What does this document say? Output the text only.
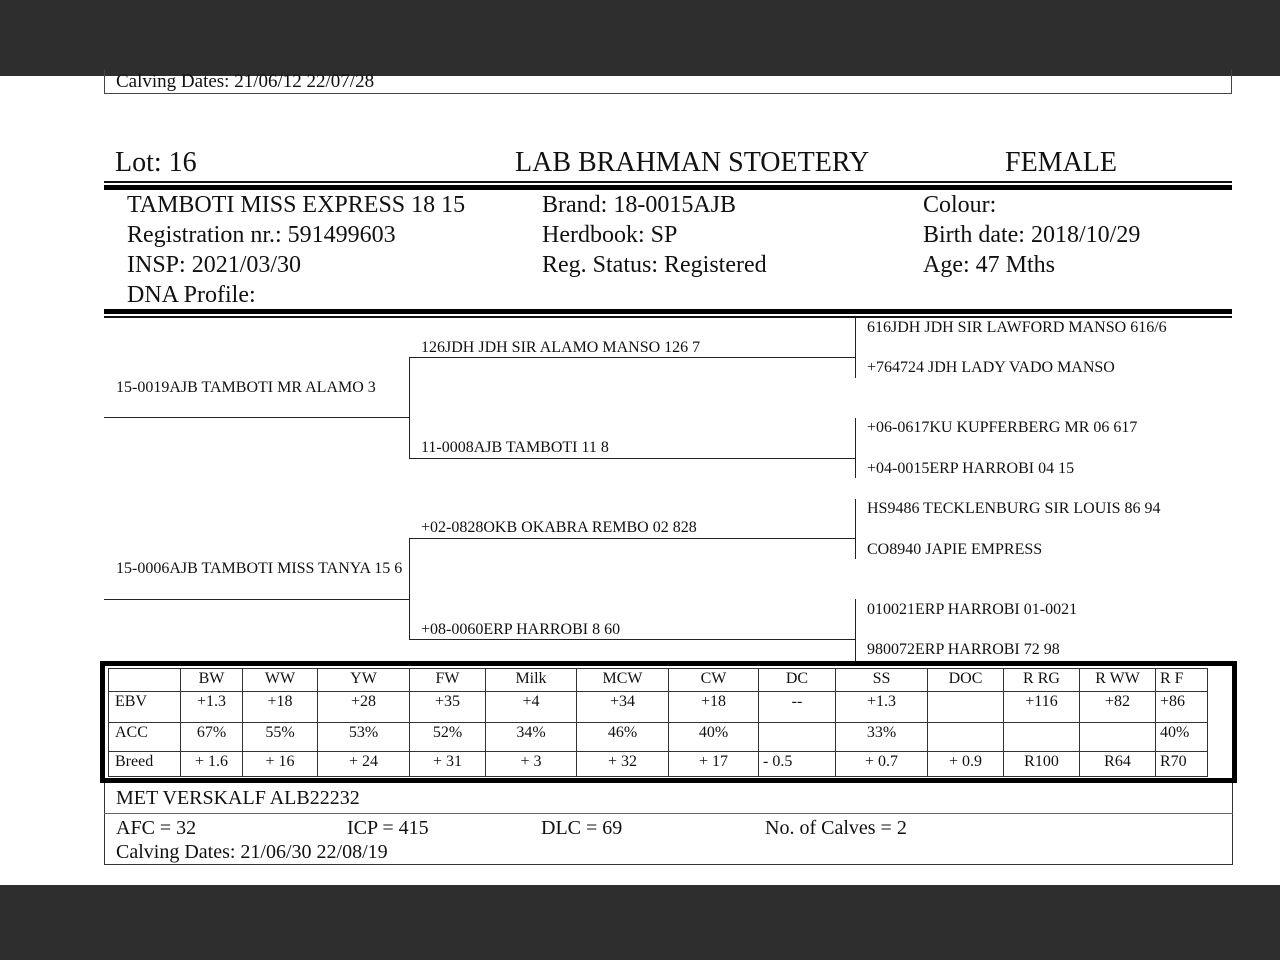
Calving Dates: 21/06/12 22/07/28
Lot: 16	LAB BRAHMAN STOETERY	FEMALE
TAMBOTI MISS EXPRESS 18 15
Registration nr.: 591499603
INSP: 2021/03/30
DNA Profile:
Brand: 18-0015AJB
Herdbook: SP
Reg. Status: Registered
Colour:
Birth date: 2018/10/29
Age: 47 Mths
15-0019AJB TAMBOTI MR ALAMO 3
15-0006AJB TAMBOTI MISS TANYA 15 6
126JDH JDH SIR ALAMO MANSO 126 7
11-0008AJB TAMBOTI 11 8
+02-0828OKB OKABRA REMBO 02 828
+08-0060ERP HARROBI 8 60
616JDH JDH SIR LAWFORD MANSO 616/6
+764724 JDH LADY VADO MANSO
+06-0617KU KUPFERBERG MR 06 617
+04-0015ERP HARROBI 04 15
HS9486 TECKLENBURG SIR LOUIS 86 94
CO8940 JAPIE EMPRESS
010021ERP HARROBI 01-0021
980072ERP HARROBI 72 98
	BW	WW	YW	FW	Milk	MCW	CW	DC	SS	DOC	R RG	R WW	R F
EBV	+1.3	+18	+28	+35	+4	+34	+18	--	+1.3		+116	+82	+86
ACC	67%	55%	53%	52%	34%	46%	40%		33%				40%
Breed	+ 1.6	+ 16	+ 24	+ 31	+ 3	+ 32	+ 17	- 0.5	+ 0.7	+ 0.9	R100	R64	R70
MET VERSKALF ALB22232
AFC = 32	ICP = 415	DLC = 69	No. of Calves = 2
Calving Dates: 21/06/30 22/08/19
